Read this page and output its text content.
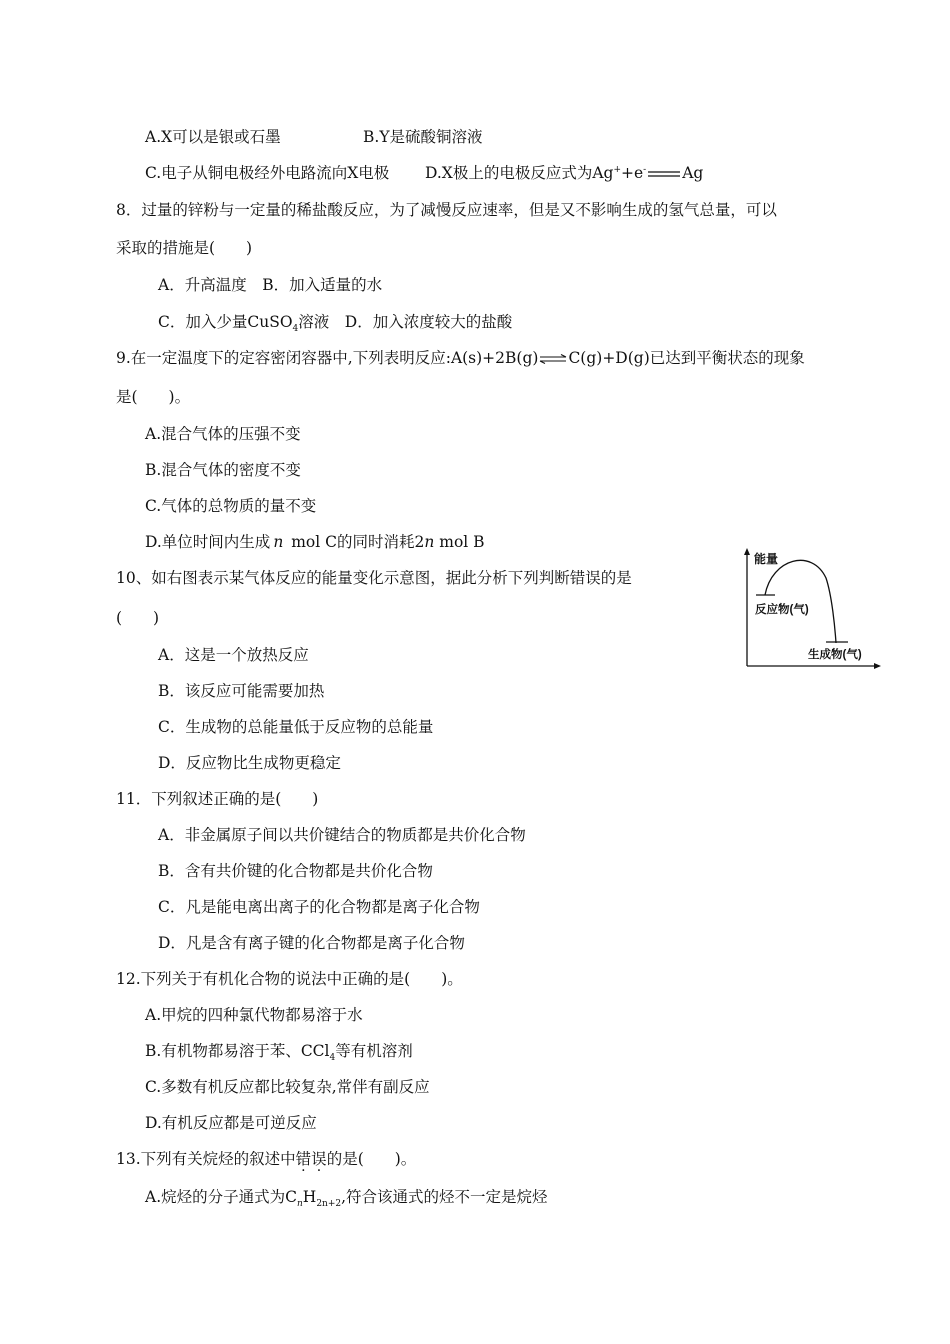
A.X可以是银或石墨	B.Y是硫酸铜溶液
C.电子从铜电极经外电路流向X电极 D.X极上的电极反应式为Ag++e- Ag
8．过量的锌粉与一定量的稀盐酸反应，为了减慢反应速率，但是又不影响生成的氢气总量，可以
采取的措施是(　　)
A．升高温度　B．加入适量的水
C．加入少量CuSO$_4$溶液　D．加入浓度较大的盐酸
9.在一定温度下的定容密闭容器中,下列表明反应:A(s)+2B(g)⇌C(g)+D(g)已达到平衡状态的现象
是(　　)。
A.混合气体的压强不变
B.混合气体的密度不变
C.气体的总物质的量不变
D.单位时间内生成 n mol C的同时消耗2n mol B
10、如右图表示某气体反应的能量变化示意图，据此分析下列判断错误的是
(　　)
A．这是一个放热反应
B．该反应可能需要加热
C．生成物的总能量低于反应物的总能量
D．反应物比生成物更稳定
能量
反应物(气)
生成物(气)
11．下列叙述正确的是(　　)
A．非金属原子间以共价键结合的物质都是共价化合物
B．含有共价键的化合物都是共价化合物
C．凡是能电离出离子的化合物都是离子化合物
D．凡是含有离子键的化合物都是离子化合物
12.下列关于有机化合物的说法中正确的是(　　)。
A.甲烷的四种氯代物都易溶于水
B.有机物都易溶于苯、CCl$_4$等有机溶剂
C.多数有机反应都比较复杂,常伴有副反应
D.有机反应都是可逆反应
13.下列有关烷烃的叙述中错误的是(　　)。
A.烷烃的分子通式为$C_nH_{2n+2}$,符合该通式的烃不一定是烷烃
